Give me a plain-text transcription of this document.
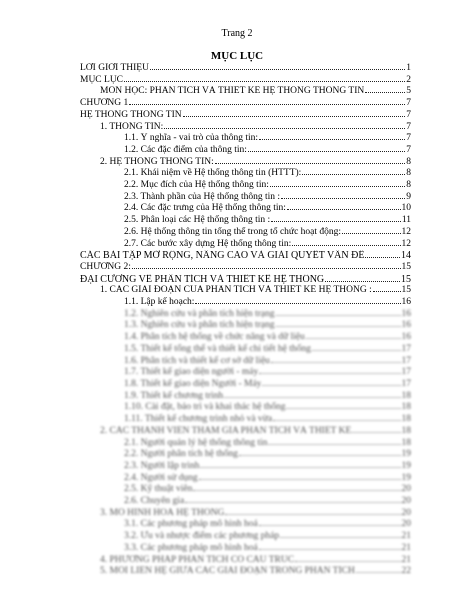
Trang 2
MỤC LỤC
LỜI GIỚI THIỆU	1
MỤC LỤC	2
MÔN HỌC: PHÂN TÍCH VÀ THIẾT KẾ HỆ THỐNG THÔNG TIN	5
CHƯƠNG 1	7
HỆ THỐNG THÔNG TIN	7
1. THÔNG TIN:	7
1.1. Ý nghĩa - vai trò của thông tin:	7
1.2. Các đặc điểm của thông tin:	7
2. HỆ THỐNG THÔNG TIN:	8
2.1. Khái niệm về Hệ thống thông tin (HTTT):	8
2.2. Mục đích của Hệ thống thông tin:	8
2.3. Thành phần của Hệ thống thông tin :	9
2.4. Các đặc trưng của Hệ thống thông tin:	10
2.5. Phân loại các Hệ thống thông tin :	11
2.6. Hệ thống thông tin tổng thể trong tổ chức hoạt động:	12
2.7. Các bước xây dựng Hệ thống thông tin:	12
CÁC BÀI TẬP MỞ RỘNG, NÂNG CAO VÀ GIẢI QUYẾT VẤN ĐỀ	14
CHƯƠNG 2:	15
ĐẠI CƯƠNG VỀ PHÂN TÍCH VÀ THIẾT KẾ HỆ THỐNG	15
1. CÁC GIAI ĐOẠN CỦA PHÂN TÍCH VÀ THIẾT KẾ HỆ THỐNG :	15
1.1. Lập kế hoạch:	16
1.2. Nghiên cứu và phân tích hiện trạng	16
1.3. Nghiên cứu và phân tích hiện trạng	16
1.4. Phân tích hệ thống về chức năng và dữ liệu	16
1.5. Thiết kế tổng thể và thiết kế chi tiết hệ thống	17
1.6. Phân tích và thiết kế cơ sở dữ liệu	17
1.7. Thiết kế giao diện người - máy	17
1.8. Thiết kế giao diện Người - Máy	17
1.9. Thiết kế chương trình	18
1.10. Cài đặt, bảo trì và khai thác hệ thống	18
1.11. Thiết kế chương trình nhỏ và vừa	18
2. CÁC THÀNH VIÊN THAM GIA PHÂN TÍCH VÀ THIẾT KẾ	18
2.1. Người quản lý hệ thống thông tin	18
2.2. Người phân tích hệ thống	19
2.3. Người lập trình	19
2.4. Người sử dụng	19
2.5. Kỹ thuật viên	20
2.6. Chuyên gia	20
3. MÔ HÌNH HOÁ HỆ THỐNG	20
3.1. Các phương pháp mô hình hoá	20
3.2. Ưu và nhược điểm các phương pháp	21
3.3. Các phương pháp mô hình hoá	21
4. PHƯƠNG PHÁP PHÂN TÍCH CÓ CẤU TRÚC	21
5. MÔI LIÊN HỆ GIỮA CÁC GIAI ĐOẠN TRONG PHÂN TÍCH	22
